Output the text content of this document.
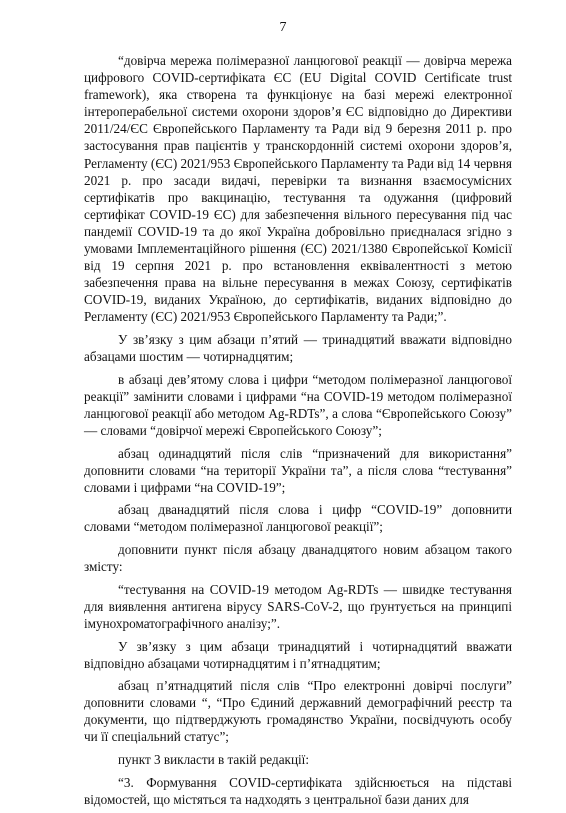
7

“довірча мережа полімеразної ланцюгової реакції — довірча мережа цифрового COVID-сертифіката ЄС (EU Digital COVID Certificate trust framework), яка створена та функціонує на базі мережі електронної інтероперабельної системи охорони здоров’я ЄС відповідно до Директиви 2011/24/ЄС Європейського Парламенту та Ради від 9 березня 2011 р. про застосування прав пацієнтів у транскордонній системі охорони здоров’я, Регламенту (ЄС) 2021/953 Європейського Парламенту та Ради від 14 червня 2021 р. про засади видачі, перевірки та визнання взаємосумісних сертифікатів про вакцинацію, тестування та одужання (цифровий сертифікат COVID-19 ЄС) для забезпечення вільного пересування під час пандемії COVID-19 та до якої Україна добровільно приєдналася згідно з умовами Імплементаційного рішення (ЄС) 2021/1380 Європейської Комісії від 19 серпня 2021 р. про встановлення еквівалентності з метою забезпечення права на вільне пересування в межах Союзу, сертифікатів COVID-19, виданих Україною, до сертифікатів, виданих відповідно до Регламенту (ЄС) 2021/953 Європейського Парламенту та Ради;”.

У зв’язку з цим абзаци п’ятий — тринадцятий вважати відповідно абзацами шостим — чотирнадцятим;

в абзаці дев’ятому слова і цифри “методом полімеразної ланцюгової реакції” замінити словами і цифрами “на COVID-19 методом полімеразної ланцюгової реакції або методом Ag-RDTs”, а слова “Європейського Союзу” — словами “довірчої мережі Європейського Союзу”;

абзац одинадцятий після слів “призначений для використання” доповнити словами “на території України та”, а після слова “тестування” словами і цифрами “на COVID-19”;

абзац дванадцятий після слова і цифр “COVID-19” доповнити словами “методом полімеразної ланцюгової реакції”;

доповнити пункт після абзацу дванадцятого новим абзацом такого змісту:

“тестування на COVID-19 методом Ag-RDTs — швидке тестування для виявлення антигена вірусу SARS-CoV-2, що ґрунтується на принципі імунохроматографічного аналізу;”.

У зв’язку з цим абзаци тринадцятий і чотирнадцятий вважати відповідно абзацами чотирнадцятим і п’ятнадцятим;

абзац п’ятнадцятий після слів “Про електронні довірчі послуги” доповнити словами “, “Про Єдиний державний демографічний реєстр та документи, що підтверджують громадянство України, посвідчують особу чи її спеціальний статус”;

пункт 3 викласти в такій редакції:

“3. Формування COVID-сертифіката здійснюється на підставі відомостей, що містяться та надходять з центральної бази даних для
